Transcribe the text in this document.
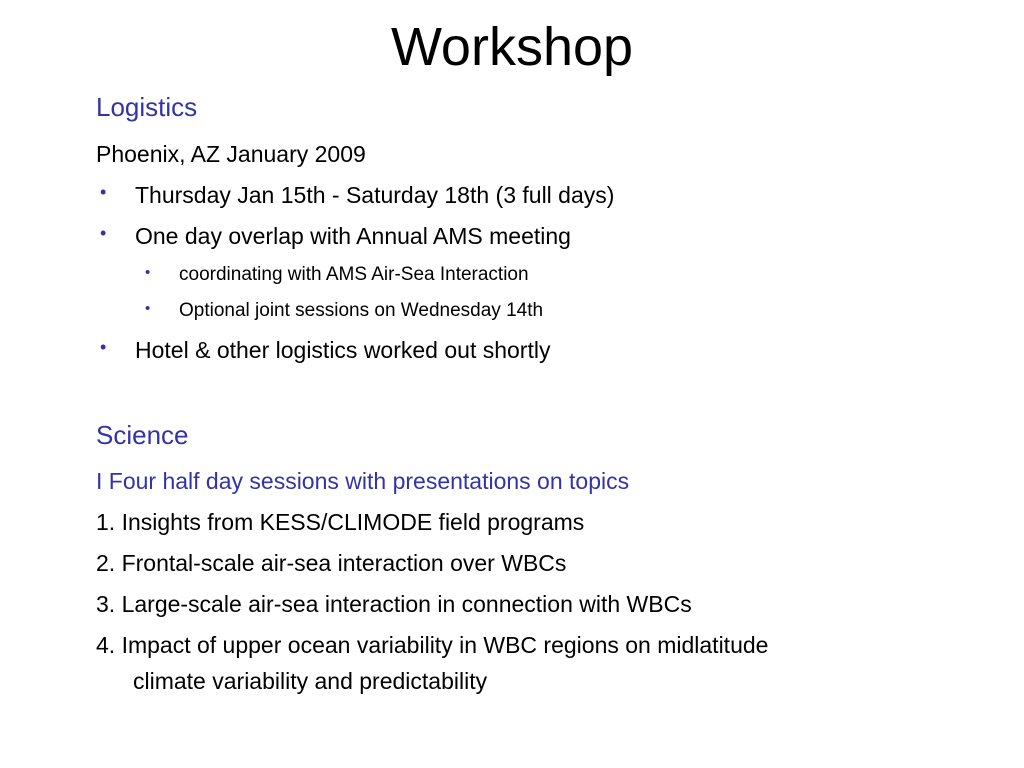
Workshop
Logistics
Phoenix, AZ January 2009
• Thursday Jan 15th - Saturday 18th (3 full days)
• One day overlap with Annual AMS meeting
• coordinating with AMS Air-Sea Interaction
• Optional joint sessions on Wednesday 14th
• Hotel & other logistics worked out shortly
Science
I Four half day sessions with presentations on topics
1. Insights from KESS/CLIMODE field programs
2. Frontal-scale air-sea interaction over WBCs
3. Large-scale air-sea interaction in connection with WBCs
4. Impact of upper ocean variability in WBC regions on midlatitude
climate variability and predictability
